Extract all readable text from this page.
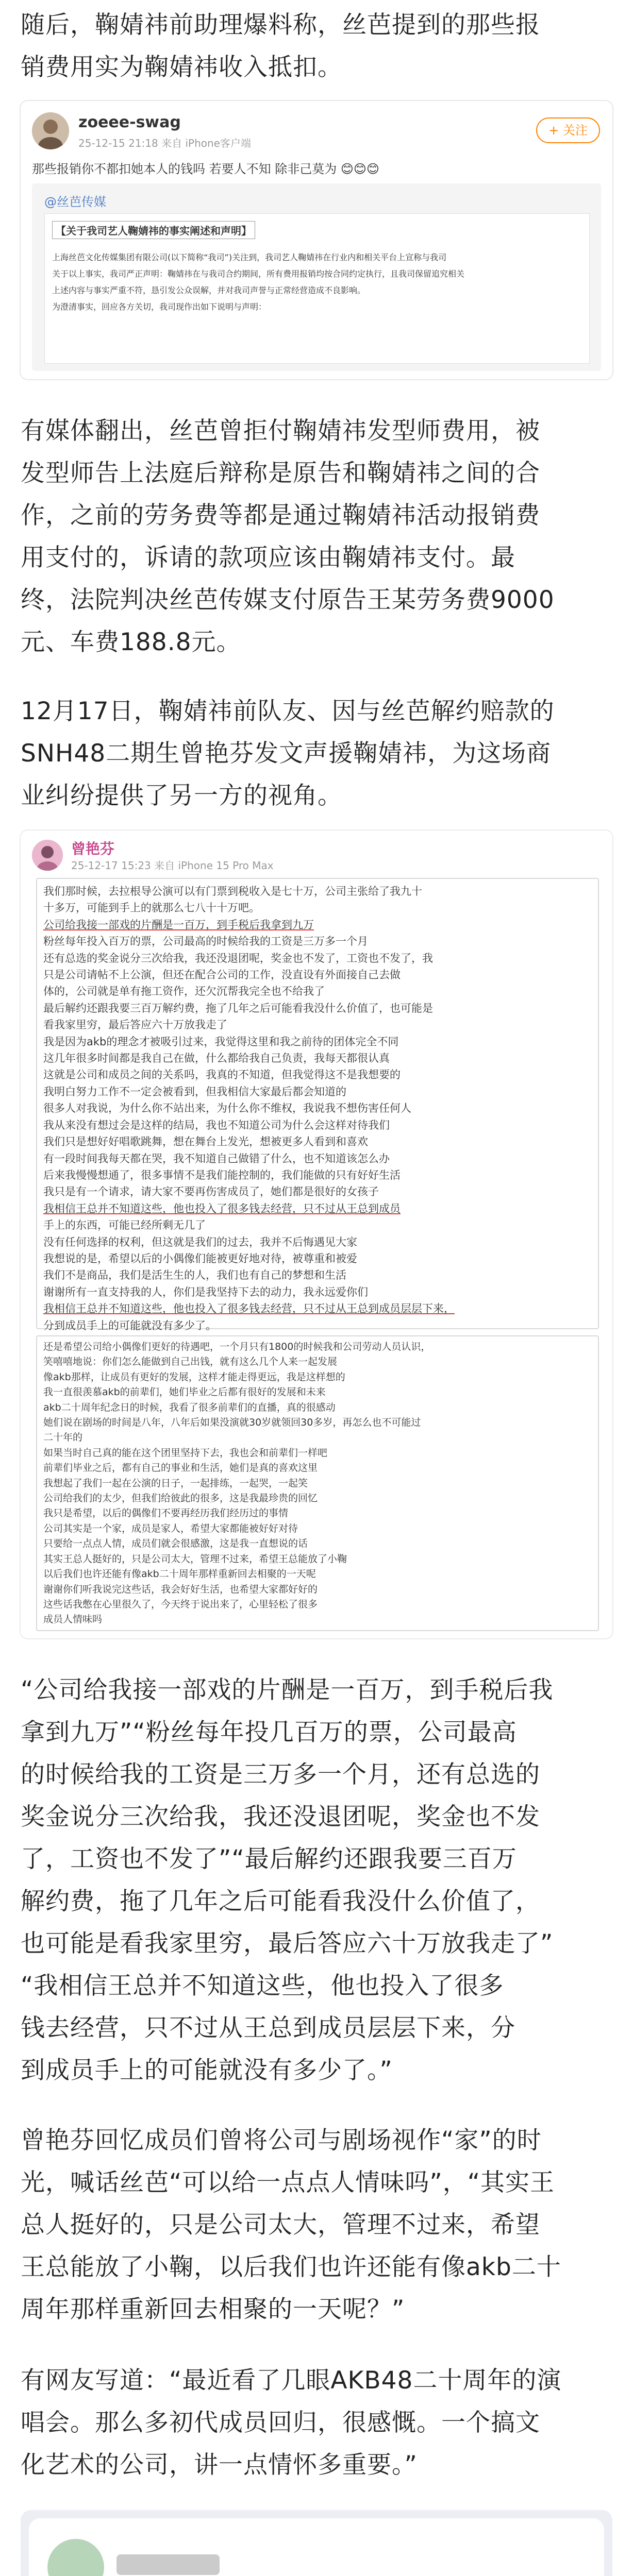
随后，鞠婧祎前助理爆料称，丝芭提到的那些报
销费用实为鞠婧祎收入抵扣。
zoeee-swag
25-12-15 21:18 来自 iPhone客户端
+ 关注
那些报销你不都扣她本人的钱吗 若要人不知 除非己莫为 😊😊😊
@丝芭传媒
【关于我司艺人鞠婧祎的事实阐述和声明】
上海丝芭文化传媒集团有限公司(以下简称“我司”)关注到，我司艺人鞠婧祎在行业内和相关平台上宣称与我司
关于以上事实，我司严正声明：鞠婧祎在与我司合约期间，所有费用报销均按合同约定执行，且我司保留追究相关
上述内容与事实严重不符，恳引发公众误解，并对我司声誉与正常经营造成不良影响。
为澄清事实，回应各方关切，我司现作出如下说明与声明：
有媒体翻出，丝芭曾拒付鞠婧祎发型师费用，被
发型师告上法庭后辩称是原告和鞠婧祎之间的合
作，之前的劳务费等都是通过鞠婧祎活动报销费
用支付的，诉请的款项应该由鞠婧祎支付。最
终，法院判决丝芭传媒支付原告王某劳务费9000
元、车费188.8元。
12月17日，鞠婧祎前队友、因与丝芭解约赔款的
SNH48二期生曾艳芬发文声援鞠婧祎，为这场商
业纠纷提供了另一方的视角。
曾艳芬
25-12-17 15:23 来自 iPhone 15 Pro Max
我们那时候，去拉根导公演可以有门票到税收入是七十万，公司主张给了我九十
十多万，可能到手上的就那么七八十十万吧。
公司给我接一部戏的片酬是一百万，到手税后我拿到九万
粉丝每年投入百万的票，公司最高的时候给我的工资是三万多一个月
还有总选的奖金说分三次给我，我还没退团呢，奖金也不发了，工资也不发了，我
只是公司请帖不上公演，但还在配合公司的工作，没直设有外面接自己去做
体的，公司就是单有拖工资作，还欠沉帮我完全也不给我了
最后解约还跟我要三百万解约费，拖了几年之后可能看我没什么价值了，也可能是
看我家里穷，最后答应六十万放我走了
我是因为akb的理念才被吸引过来，我觉得这里和我之前待的团体完全不同
这几年很多时间都是我自己在做，什么都给我自己负责，我每天都很认真
这就是公司和成员之间的关系吗，我真的不知道，但我觉得这不是我想要的
我明白努力工作不一定会被看到，但我相信大家最后都会知道的
很多人对我说，为什么你不站出来，为什么你不维权，我说我不想伤害任何人
我从来没有想过会是这样的结局，我也不知道公司为什么会这样对待我们
我们只是想好好唱歌跳舞，想在舞台上发光，想被更多人看到和喜欢
有一段时间我每天都在哭，我不知道自己做错了什么，也不知道该怎么办
后来我慢慢想通了，很多事情不是我们能控制的，我们能做的只有好好生活
我只是有一个请求，请大家不要再伤害成员了，她们都是很好的女孩子
我相信王总并不知道这些，他也投入了很多钱去经营，只不过从王总到成员
手上的东西，可能已经所剩无几了
没有任何选择的权利，但这就是我们的过去，我并不后悔遇见大家
我想说的是，希望以后的小偶像们能被更好地对待，被尊重和被爱
我们不是商品，我们是活生生的人，我们也有自己的梦想和生活
谢谢所有一直支持我的人，你们是我坚持下去的动力，我永远爱你们
我相信王总并不知道这些，他也投入了很多钱去经营，只不过从王总到成员层层下来，
分到成员手上的可能就没有多少了。
还是希望公司给小偶像们更好的待遇吧，一个月只有1800的时候我和公司劳动人员认识，
笑嘻嘻地说：你们怎么能做到自己出钱，就有这么几个人来一起发展
像akb那样，让成员有更好的发展，这样才能走得更远，我是这样想的
我一直很羡慕akb的前辈们，她们毕业之后都有很好的发展和未来
akb二十周年纪念日的时候，我看了很多前辈们的直播，真的很感动
她们说在剧场的时间是八年，八年后如果没演就30岁就领回30多岁，再怎么也不可能过
二十年的
如果当时自己真的能在这个团里坚持下去，我也会和前辈们一样吧
前辈们毕业之后，都有自己的事业和生活，她们是真的喜欢这里
我想起了我们一起在公演的日子，一起排练，一起哭，一起笑
公司给我们的太少，但我们给彼此的很多，这是我最珍贵的回忆
我只是希望，以后的偶像们不要再经历我们经历过的事情
公司其实是一个家，成员是家人，希望大家都能被好好对待
只要给一点点人情，成员们就会很感激，这是我一直想说的话
其实王总人挺好的，只是公司太大，管理不过来，希望王总能放了小鞠
以后我们也许还能有像akb二十周年那样重新回去相聚的一天呢
谢谢你们听我说完这些话，我会好好生活，也希望大家都好好的
这些话我憋在心里很久了，今天终于说出来了，心里轻松了很多
成员人情味吗
“公司给我接一部戏的片酬是一百万，到手税后我
拿到九万”“粉丝每年投几百万的票，公司最高
的时候给我的工资是三万多一个月，还有总选的
奖金说分三次给我，我还没退团呢，奖金也不发
了，工资也不发了”“最后解约还跟我要三百万
解约费，拖了几年之后可能看我没什么价值了，
也可能是看我家里穷，最后答应六十万放我走了”
“我相信王总并不知道这些，他也投入了很多
钱去经营，只不过从王总到成员层层下来，分
到成员手上的可能就没有多少了。”
曾艳芬回忆成员们曾将公司与剧场视作“家”的时
光，喊话丝芭“可以给一点点人情味吗”，“其实王
总人挺好的，只是公司太大，管理不过来，希望
王总能放了小鞠，以后我们也许还能有像akb二十
周年那样重新回去相聚的一天呢？”
有网友写道：“最近看了几眼AKB48二十周年的演
唱会。那么多初代成员回归，很感慨。一个搞文
化艺术的公司，讲一点情怀多重要。”
